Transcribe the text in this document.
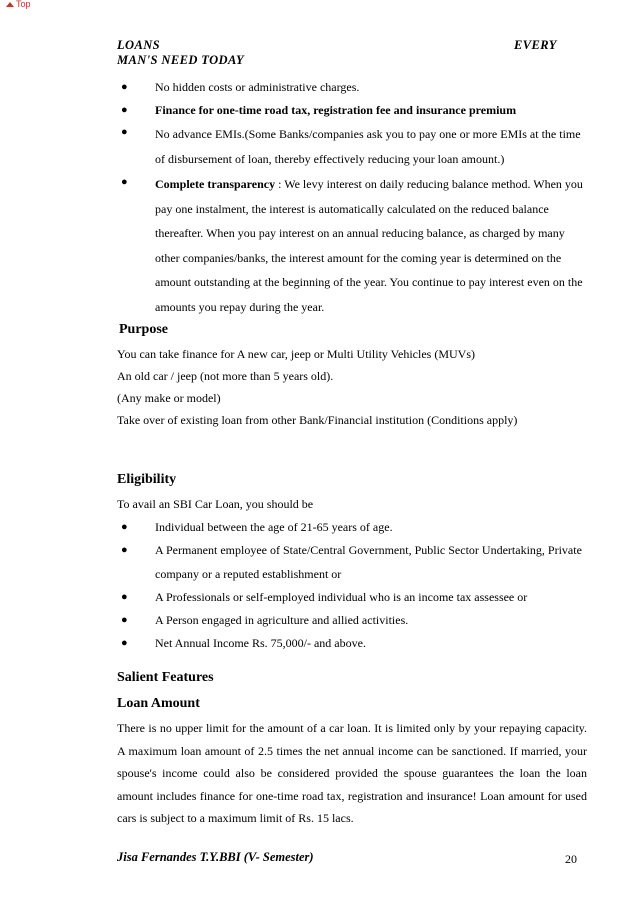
Top
LOANS	EVERY
MAN'S NEED TODAY
●	No hidden costs or administrative charges.
●	Finance for one-time road tax, registration fee and insurance premium
●	No advance EMIs.(Some Banks/companies ask you to pay one or more EMIs at the time of disbursement of loan, thereby effectively reducing your loan amount.)
●	Complete transparency : We levy interest on daily reducing balance method. When you pay one instalment, the interest is automatically calculated on the reduced balance thereafter. When you pay interest on an annual reducing balance, as charged by many other companies/banks, the interest amount for the coming year is determined on the amount outstanding at the beginning of the year. You continue to pay interest even on the amounts you repay during the year.
Purpose
You can take finance for A new car, jeep or Multi Utility Vehicles (MUVs)
An old car / jeep (not more than 5 years old).
(Any make or model)
Take over of existing loan from other Bank/Financial institution (Conditions apply)
Eligibility
To avail an SBI Car Loan, you should be
●	Individual between the age of 21-65 years of age.
●	A Permanent employee of State/Central Government, Public Sector Undertaking, Private company or a reputed establishment or
●	A Professionals or self-employed individual who is an income tax assessee or
●	A Person engaged in agriculture and allied activities.
●	Net Annual Income Rs. 75,000/- and above.
Salient Features
Loan Amount
There is no upper limit for the amount of a car loan. It is limited only by your repaying capacity. A maximum loan amount of 2.5 times the net annual income can be sanctioned. If married, your spouse's income could also be considered provided the spouse guarantees the loan the loan amount includes finance for one-time road tax, registration and insurance! Loan amount for used cars is subject to a maximum limit of Rs. 15 lacs.
Jisa Fernandes T.Y.BBI (V- Semester)	20
